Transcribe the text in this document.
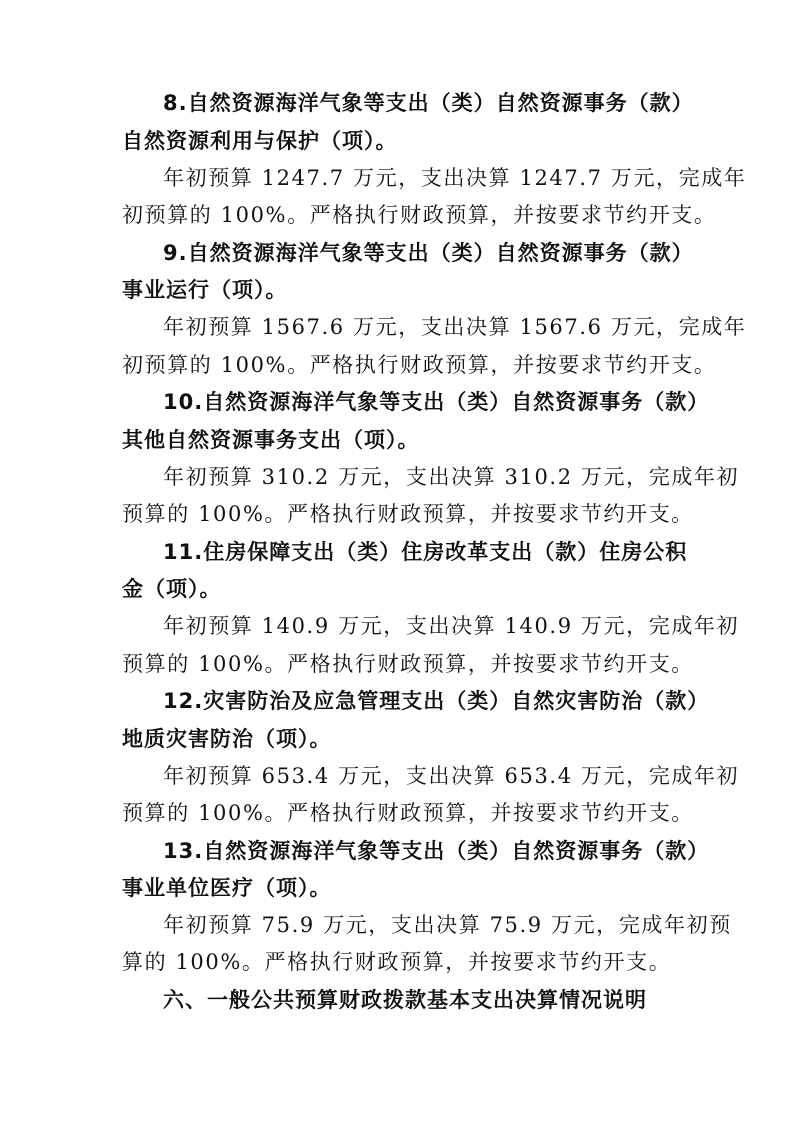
8.自然资源海洋气象等支出（类）自然资源事务（款）
自然资源利用与保护（项）。
年初预算 1247.7 万元，支出决算 1247.7 万元，完成年
初预算的 100%。严格执行财政预算，并按要求节约开支。
9.自然资源海洋气象等支出（类）自然资源事务（款）
事业运行（项）。
年初预算 1567.6 万元，支出决算 1567.6 万元，完成年
初预算的 100%。严格执行财政预算，并按要求节约开支。
10.自然资源海洋气象等支出（类）自然资源事务（款）
其他自然资源事务支出（项）。
年初预算 310.2 万元，支出决算 310.2 万元，完成年初
预算的 100%。严格执行财政预算，并按要求节约开支。
11.住房保障支出（类）住房改革支出（款）住房公积
金（项）。
年初预算 140.9 万元，支出决算 140.9 万元，完成年初
预算的 100%。严格执行财政预算，并按要求节约开支。
12.灾害防治及应急管理支出（类）自然灾害防治（款）
地质灾害防治（项）。
年初预算 653.4 万元，支出决算 653.4 万元，完成年初
预算的 100%。严格执行财政预算，并按要求节约开支。
13.自然资源海洋气象等支出（类）自然资源事务（款）
事业单位医疗（项）。
年初预算 75.9 万元，支出决算 75.9 万元，完成年初预
算的 100%。严格执行财政预算，并按要求节约开支。
六、一般公共预算财政拨款基本支出决算情况说明
